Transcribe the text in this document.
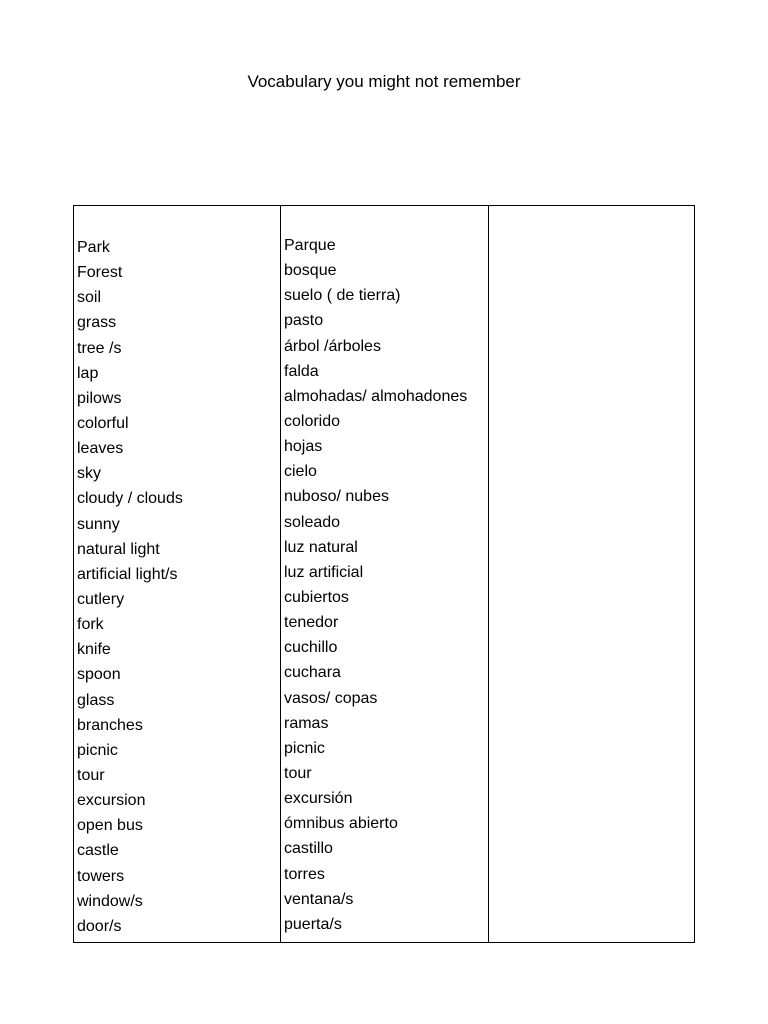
Vocabulary you might not remember
Park
Forest
soil
grass
tree /s
lap
pilows
colorful
leaves
sky
cloudy / clouds
sunny
natural light
artificial light/s
cutlery
fork
knife
spoon
glass
branches
picnic
tour
excursion
open bus
castle
towers
window/s
door/s
Parque
bosque
suelo ( de tierra)
pasto
árbol /árboles
falda
almohadas/ almohadones
colorido
hojas
cielo
nuboso/ nubes
soleado
luz natural
luz artificial
cubiertos
tenedor
cuchillo
cuchara
vasos/ copas
ramas
picnic
tour
excursión
ómnibus abierto
castillo
torres
ventana/s
puerta/s
